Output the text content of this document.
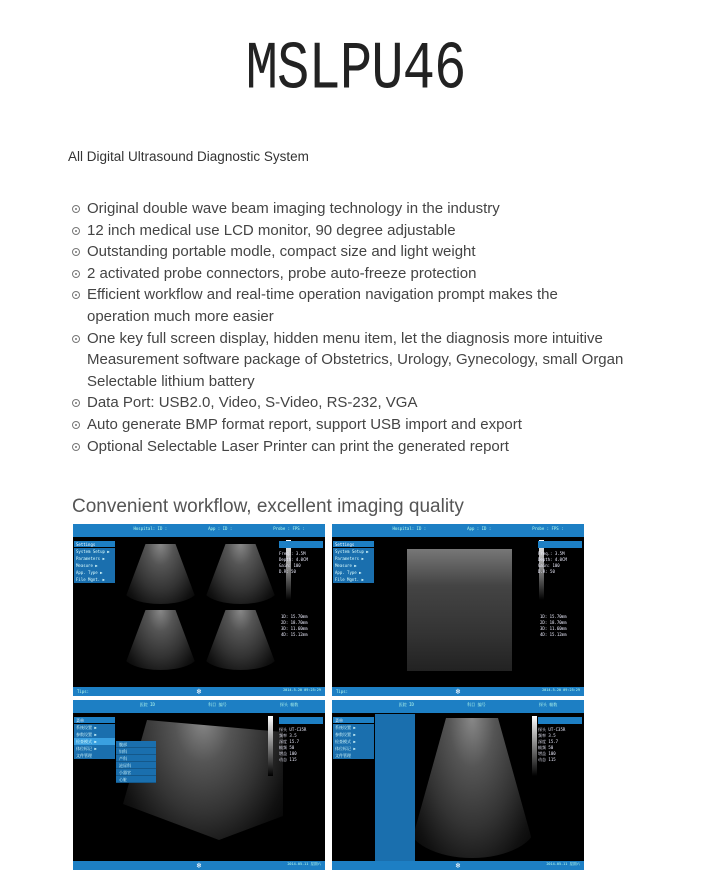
MSLPU46
All Digital Ultrasound Diagnostic System
Original double wave beam imaging technology in the industry
12 inch medical use LCD monitor, 90 degree adjustable
Outstanding portable modle, compact size and light weight
2 activated probe connectors, probe auto-freeze protection
Efficient workflow and real-time operation navigation prompt makes the
operation much more easier
One key full screen display, hidden menu item, let the diagnosis more intuitive
Measurement software package of Obstetrics, Urology, Gynecology, small Organ
Selectable lithium battery
Data Port: USB2.0, Video, S-Video, RS-232, VGA
Auto generate BMP format report, support USB import and export
Optional Selectable Laser Printer can print the generated report
Convenient workflow, excellent imaging quality
Hospital: ID :	App : ID :	Probe : FPS :
Settings
System Setup ▶
Parameters ▶
Measure ▶
App. Type ▶
File Mgnt. ▶
Freq.: 3.5M
Depth: 4.0CM
Gain: 100
D.R: 50
1D: 15.70mm
2D: 18.70mm
3D: 11.60mm
4D: 15.12mm
Tips:	❄	2014-5-20 09:25:29
Hospital: ID :	App : ID :	Probe : FPS :
Settings
System Setup ▶
Parameters ▶
Measure ▶
App. Type ▶
File Mgnt. ▶
Freq.: 3.5M
Depth: 4.0CM
Gain: 100
D.R: 50
1D: 15.70mm
2D: 18.70mm
3D: 11.60mm
4D: 15.12mm
Tips:	❄	2014-5-20 09:25:29
医院 ID	科目 编号	探头 帧数
菜单
系统设置 ▶
参数设置 ▶
检查模式 ▶
体位标记 ▶
文件管理
腹部
妇科
产科
泌尿科
小器官
心脏
探头 UT-C35R
频率 3.5
深度 15.7
帧频 50
增益 100
动态 115
❄	2014-05-11 星期六
医院 ID	科目 编号	探头 帧数
菜单
系统设置 ▶
参数设置 ▶
检查模式 ▶
体位标记 ▶
文件管理
探头 UT-C35R
频率 3.5
深度 15.7
帧频 50
增益 100
动态 115
❄	2014-05-11 星期六
